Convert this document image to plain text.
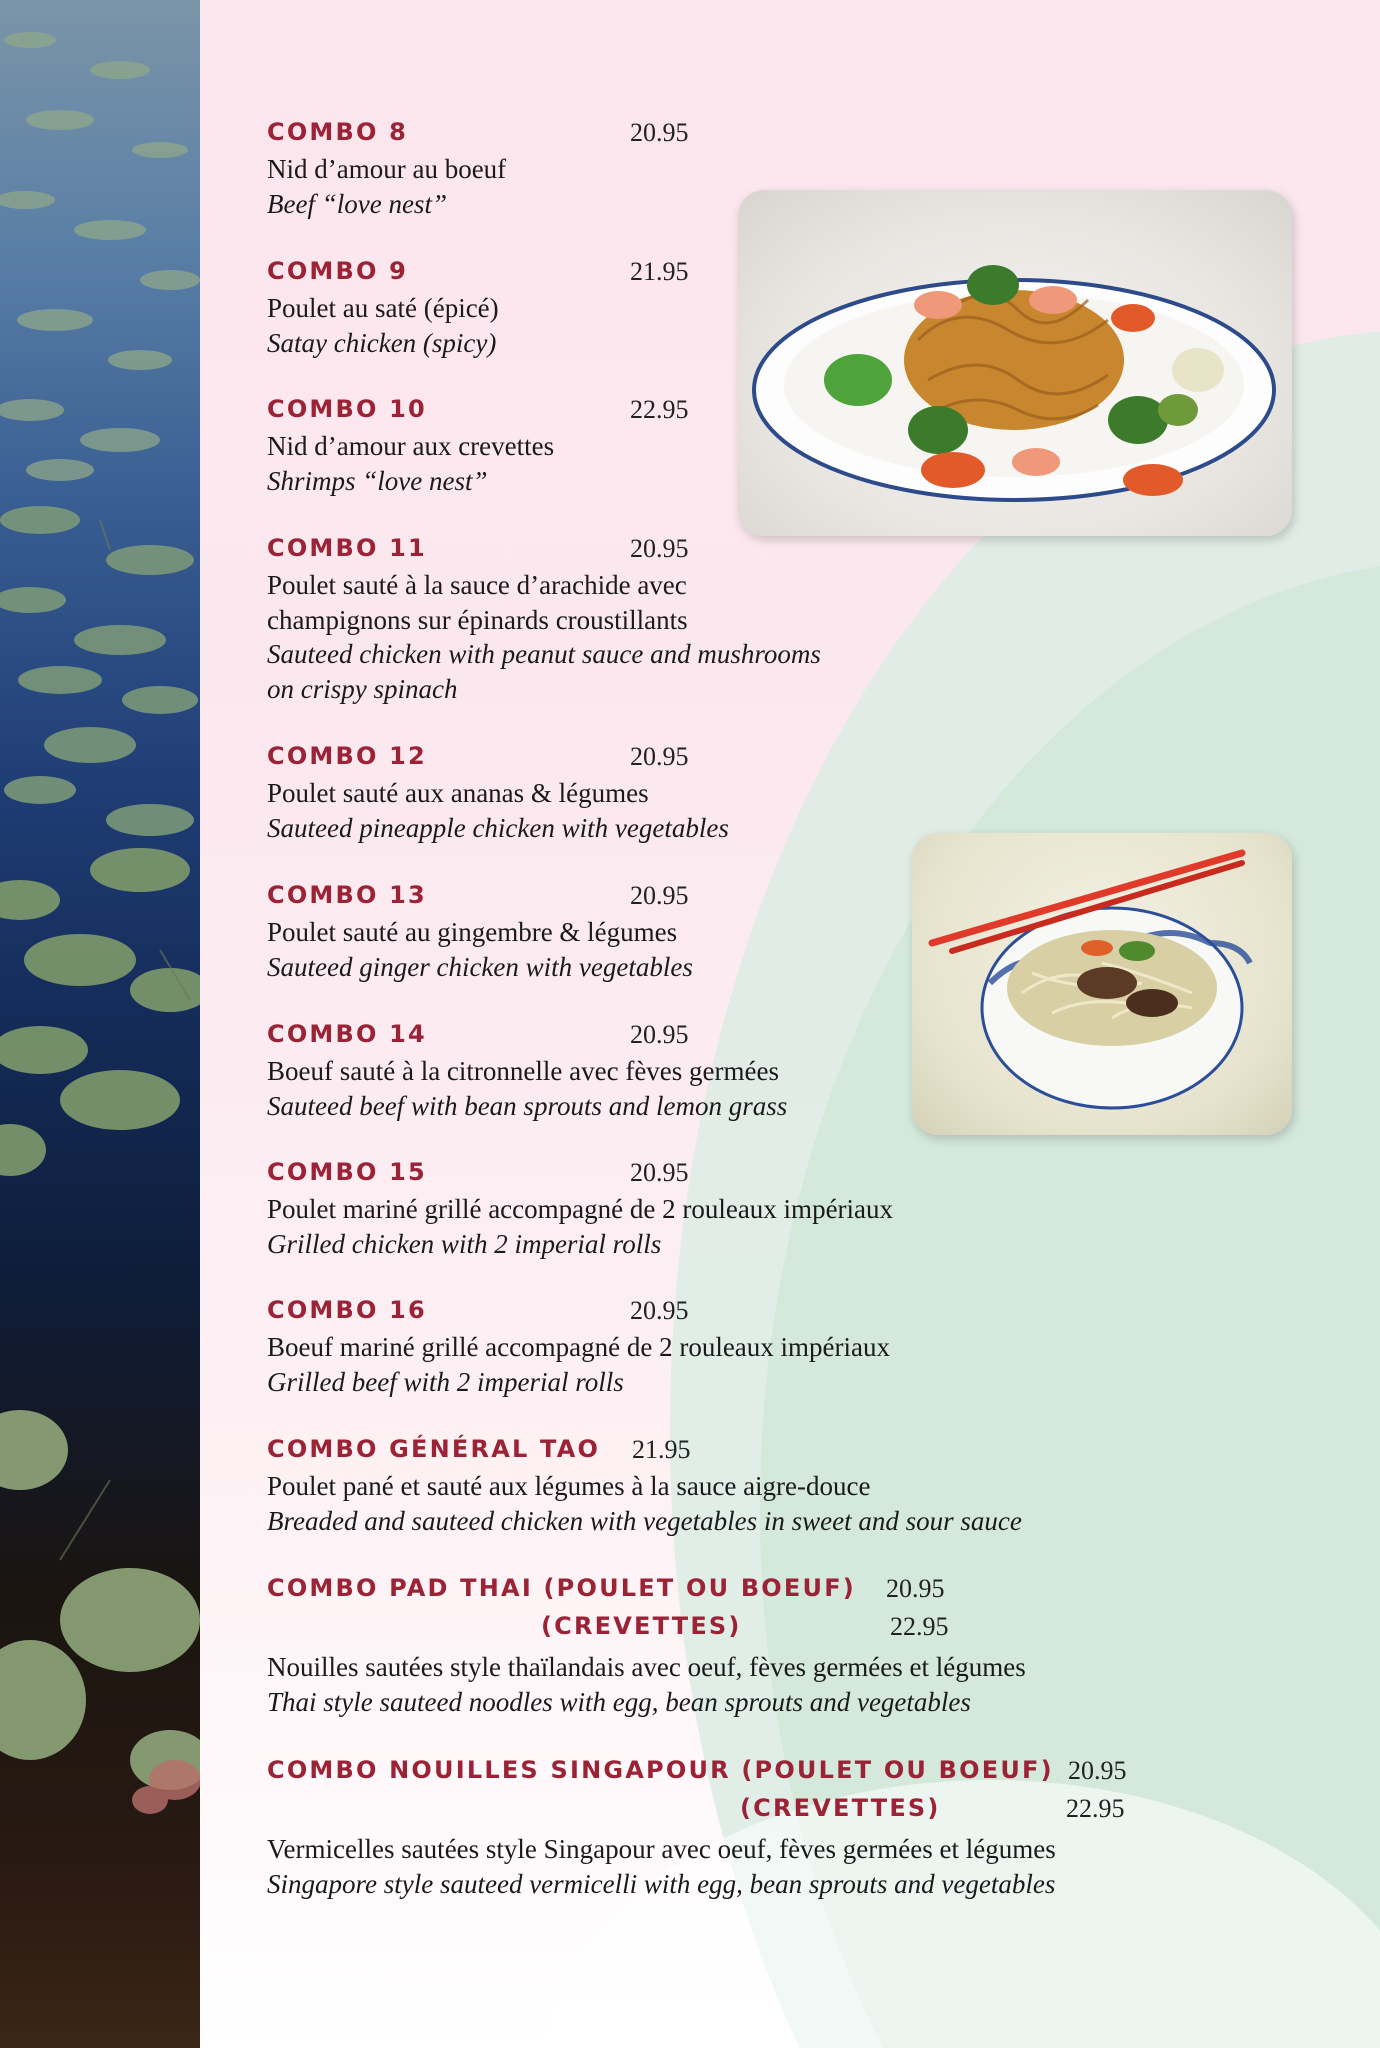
COMBO 8	20.95
Nid d’amour au boeuf
Beef “love nest”
COMBO 9	21.95
Poulet au saté (épicé)
Satay chicken (spicy)
COMBO 10	22.95
Nid d’amour aux crevettes
Shrimps “love nest”
COMBO 11	20.95
Poulet sauté à la sauce d’arachide avec
champignons sur épinards croustillants
Sauteed chicken with peanut sauce and mushrooms
on crispy spinach
COMBO 12	20.95
Poulet sauté aux ananas & légumes
Sauteed pineapple chicken with vegetables
COMBO 13	20.95
Poulet sauté au gingembre & légumes
Sauteed ginger chicken with vegetables
COMBO 14	20.95
Boeuf sauté à la citronnelle avec fèves germées
Sauteed beef with bean sprouts and lemon grass
COMBO 15	20.95
Poulet mariné grillé accompagné de 2 rouleaux impériaux
Grilled chicken with 2 imperial rolls
COMBO 16	20.95
Boeuf mariné grillé accompagné de 2 rouleaux impériaux
Grilled beef with 2 imperial rolls
COMBO GÉNÉRAL TAO 21.95
Poulet pané et sauté aux légumes à la sauce aigre-douce
Breaded and sauteed chicken with vegetables in sweet and sour sauce
COMBO PAD THAI (POULET OU BOEUF) 20.95
(CREVETTES)	22.95
Nouilles sautées style thaïlandais avec oeuf, fèves germées et légumes
Thai style sauteed noodles with egg, bean sprouts and vegetables
COMBO NOUILLES SINGAPOUR (POULET OU BOEUF) 20.95
(CREVETTES)	22.95
Vermicelles sautées style Singapour avec oeuf, fèves germées et légumes
Singapore style sauteed vermicelli with egg, bean sprouts and vegetables
